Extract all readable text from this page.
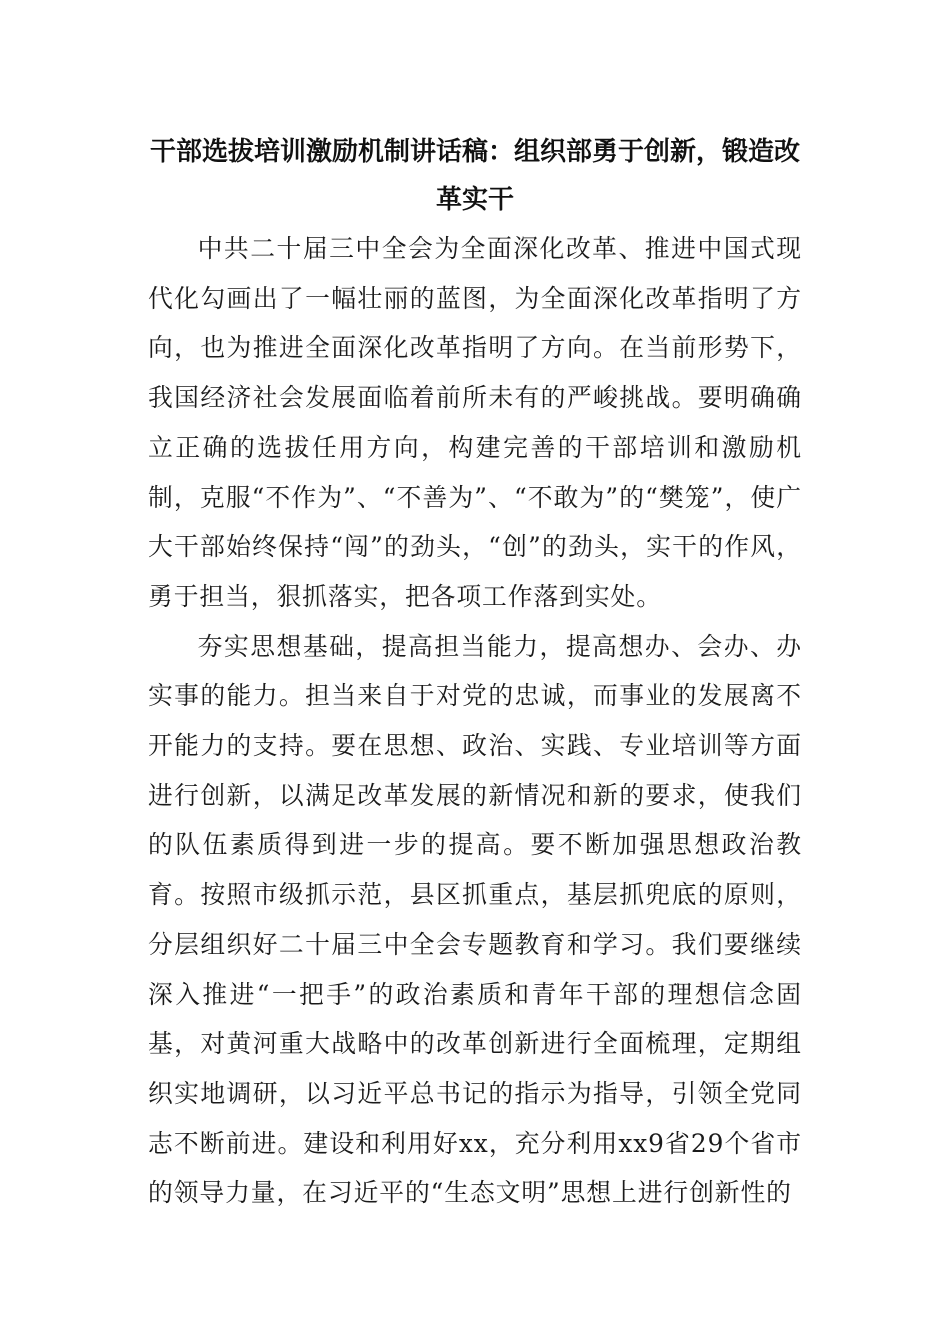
干部选拔培训激励机制讲话稿：组织部勇于创新，锻造改革实干

中共二十届三中全会为全面深化改革、推进中国式现代化勾画出了一幅壮丽的蓝图，为全面深化改革指明了方向，也为推进全面深化改革指明了方向。在当前形势下，我国经济社会发展面临着前所未有的严峻挑战。要明确确立正确的选拔任用方向，构建完善的干部培训和激励机制，克服“不作为”、“不善为”、“不敢为”的“樊笼”，使广大干部始终保持“闯”的劲头，“创”的劲头，实干的作风，勇于担当，狠抓落实，把各项工作落到实处。

夯实思想基础，提高担当能力，提高想办、会办、办实事的能力。担当来自于对党的忠诚，而事业的发展离不开能力的支持。要在思想、政治、实践、专业培训等方面进行创新，以满足改革发展的新情况和新的要求，使我们的队伍素质得到进一步的提高。要不断加强思想政治教育。按照市级抓示范，县区抓重点，基层抓兜底的原则，分层组织好二十届三中全会专题教育和学习。我们要继续深入推进“一把手”的政治素质和青年干部的理想信念固基，对黄河重大战略中的改革创新进行全面梳理，定期组织实地调研，以习近平总书记的指示为指导，引领全党同志不断前进。建设和利用好xx，充分利用xx9省29个省市的领导力量，在习近平的“生态文明”思想上进行创新性的
